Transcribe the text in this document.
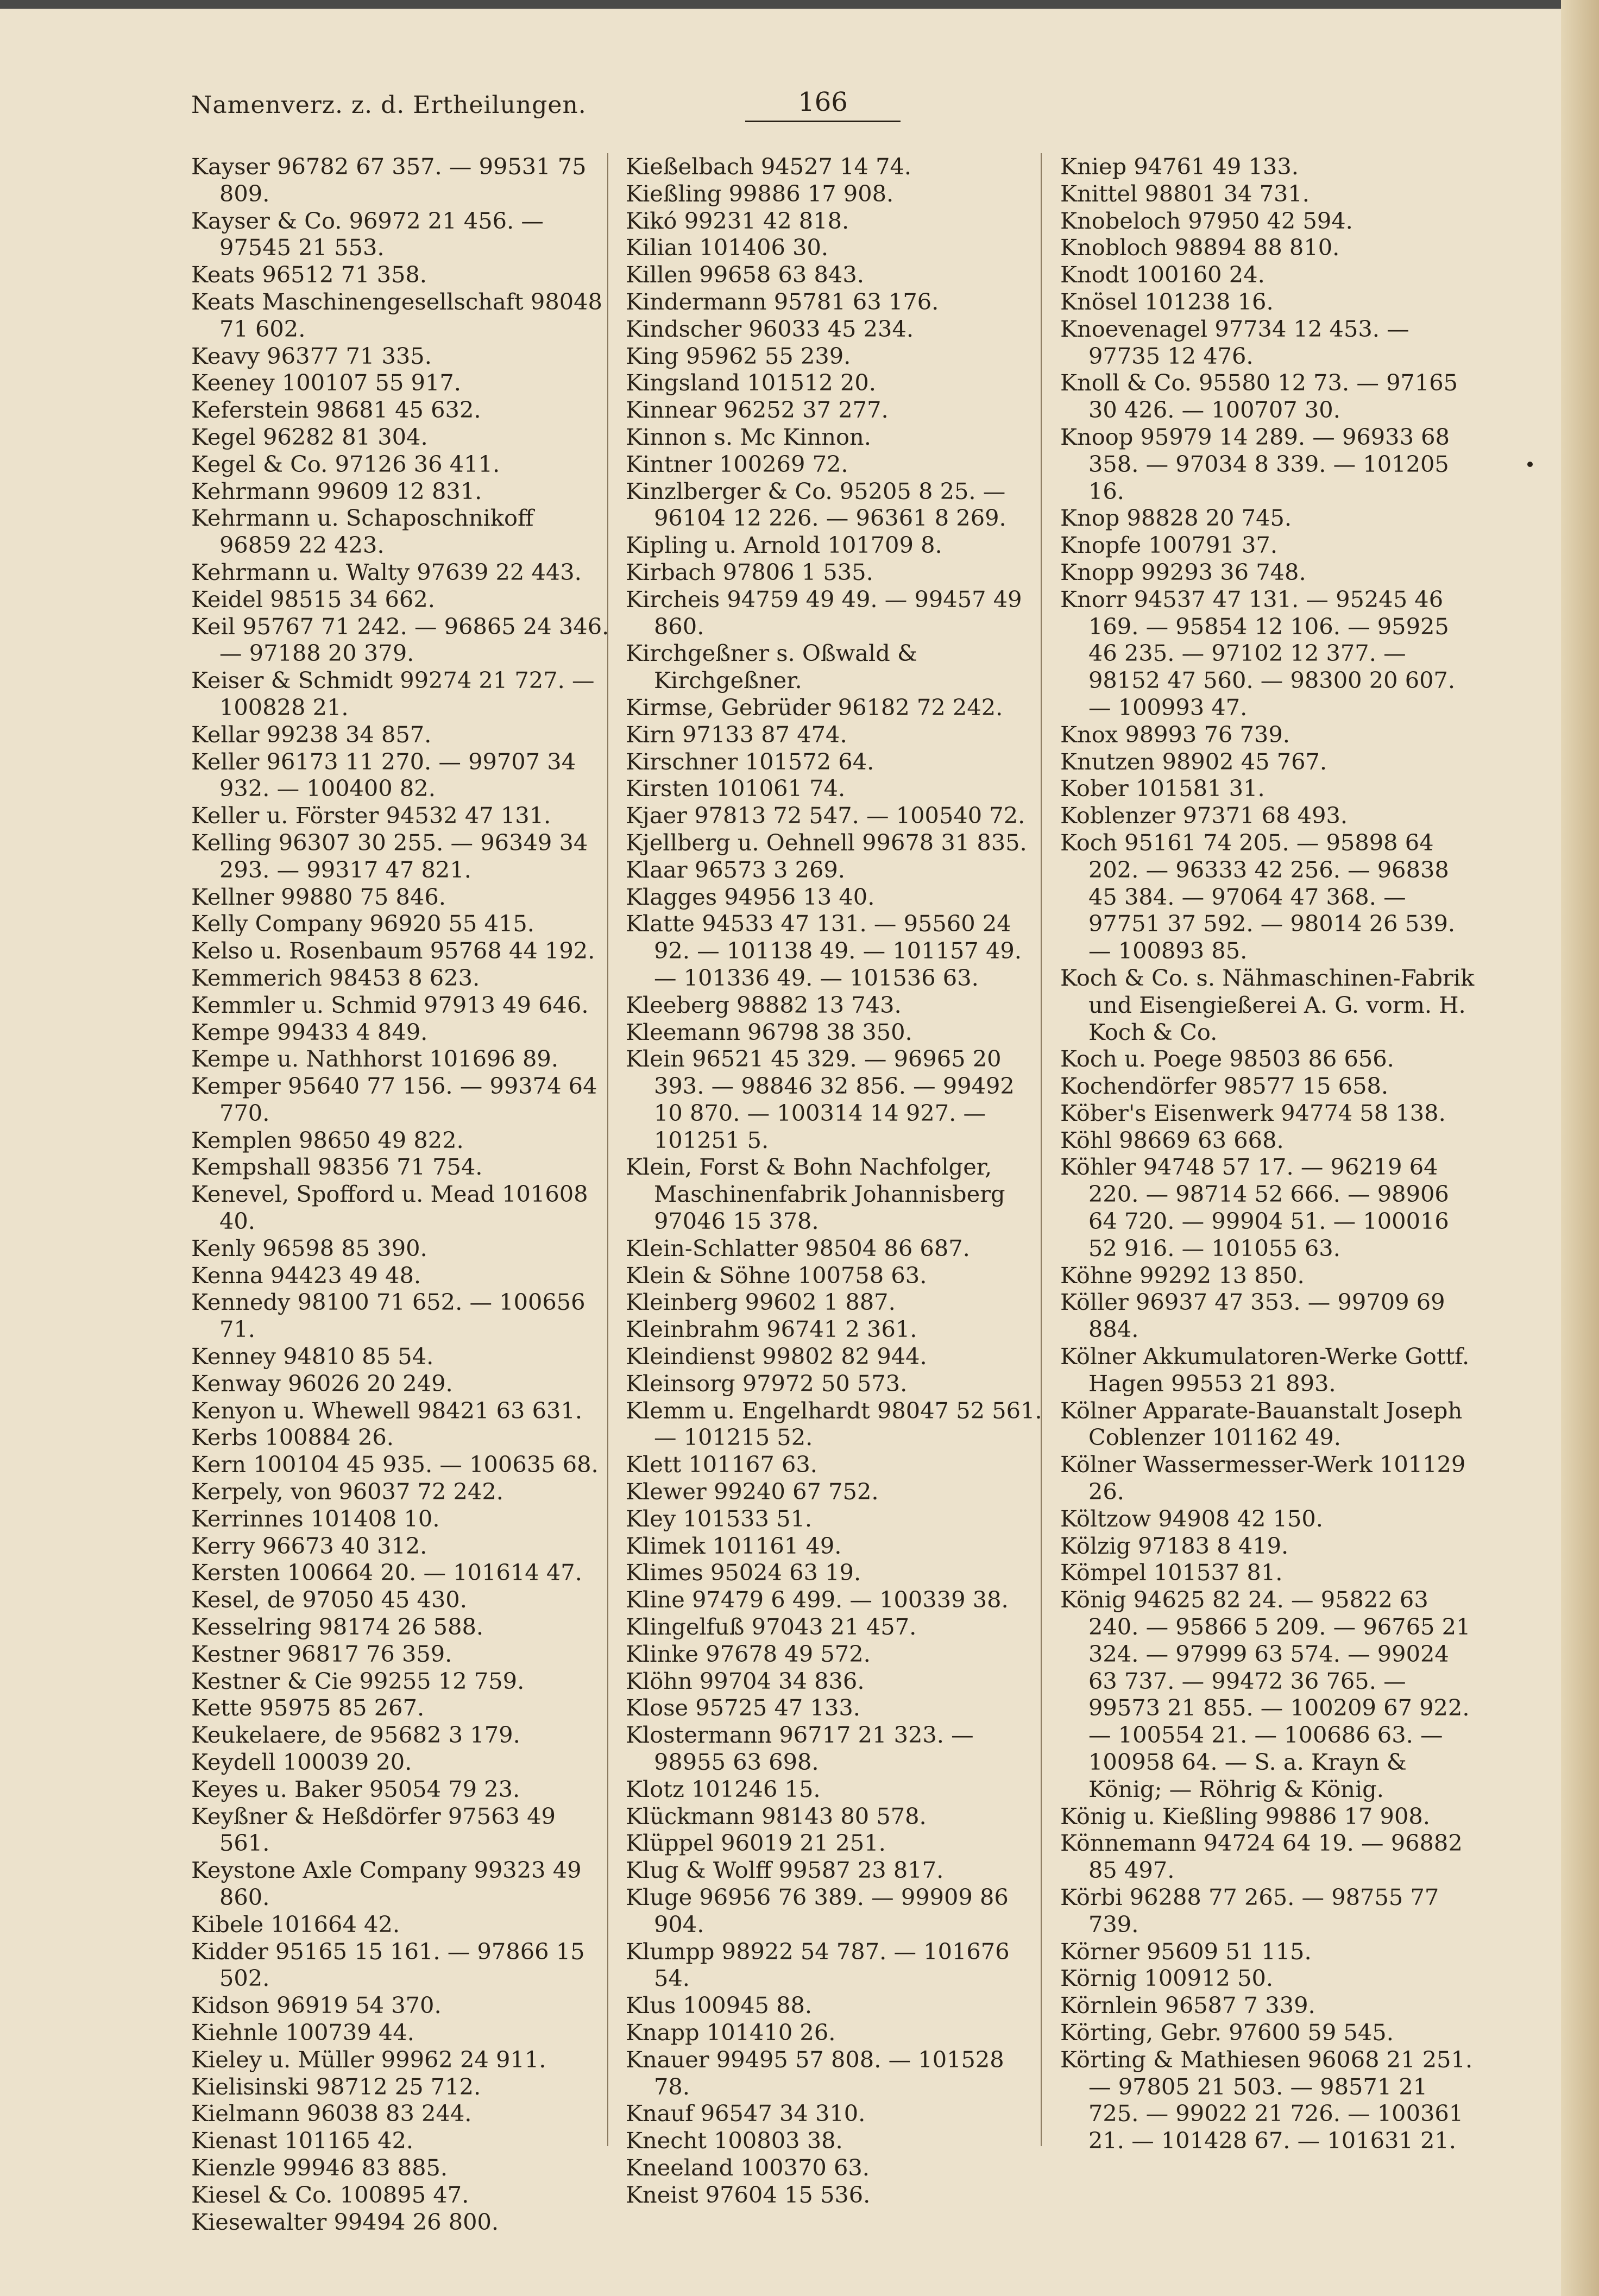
Namenverz. z. d. Ertheilungen.	166
Kayser 96782 67 357. — 99531 75 809.
Kayser & Co. 96972 21 456. — 97545 21 553.
Keats 96512 71 358.
Keats Maschinengesellschaft 98048 71 602.
Keavy 96377 71 335.
Keeney 100107 55 917.
Keferstein 98681 45 632.
Kegel 96282 81 304.
Kegel & Co. 97126 36 411.
Kehrmann 99609 12 831.
Kehrmann u. Schaposchnikoff 96859 22 423.
Kehrmann u. Walty 97639 22 443.
Keidel 98515 34 662.
Keil 95767 71 242. — 96865 24 346. — 97188 20 379.
Keiser & Schmidt 99274 21 727. — 100828 21.
Kellar 99238 34 857.
Keller 96173 11 270. — 99707 34 932. — 100400 82.
Keller u. Förster 94532 47 131.
Kelling 96307 30 255. — 96349 34 293. — 99317 47 821.
Kellner 99880 75 846.
Kelly Company 96920 55 415.
Kelso u. Rosenbaum 95768 44 192.
Kemmerich 98453 8 623.
Kemmler u. Schmid 97913 49 646.
Kempe 99433 4 849.
Kempe u. Nathhorst 101696 89.
Kemper 95640 77 156. — 99374 64 770.
Kemplen 98650 49 822.
Kempshall 98356 71 754.
Kenevel, Spofford u. Mead 101608 40.
Kenly 96598 85 390.
Kenna 94423 49 48.
Kennedy 98100 71 652. — 100656 71.
Kenney 94810 85 54.
Kenway 96026 20 249.
Kenyon u. Whewell 98421 63 631.
Kerbs 100884 26.
Kern 100104 45 935. — 100635 68.
Kerpely, von 96037 72 242.
Kerrinnes 101408 10.
Kerry 96673 40 312.
Kersten 100664 20. — 101614 47.
Kesel, de 97050 45 430.
Kesselring 98174 26 588.
Kestner 96817 76 359.
Kestner & Cie 99255 12 759.
Kette 95975 85 267.
Keukelaere, de 95682 3 179.
Keydell 100039 20.
Keyes u. Baker 95054 79 23.
Keyßner & Heßdörfer 97563 49 561.
Keystone Axle Company 99323 49 860.
Kibele 101664 42.
Kidder 95165 15 161. — 97866 15 502.
Kidson 96919 54 370.
Kiehnle 100739 44.
Kieley u. Müller 99962 24 911.
Kielisinski 98712 25 712.
Kielmann 96038 83 244.
Kienast 101165 42.
Kienzle 99946 83 885.
Kiesel & Co. 100895 47.
Kiesewalter 99494 26 800.
Kießelbach 94527 14 74.
Kießling 99886 17 908.
Kikó 99231 42 818.
Kilian 101406 30.
Killen 99658 63 843.
Kindermann 95781 63 176.
Kindscher 96033 45 234.
King 95962 55 239.
Kingsland 101512 20.
Kinnear 96252 37 277.
Kinnon s. Mc Kinnon.
Kintner 100269 72.
Kinzlberger & Co. 95205 8 25. — 96104 12 226. — 96361 8 269.
Kipling u. Arnold 101709 8.
Kirbach 97806 1 535.
Kircheis 94759 49 49. — 99457 49 860.
Kirchgeßner s. Oßwald & Kirchgeßner.
Kirmse, Gebrüder 96182 72 242.
Kirn 97133 87 474.
Kirschner 101572 64.
Kirsten 101061 74.
Kjaer 97813 72 547. — 100540 72.
Kjellberg u. Oehnell 99678 31 835.
Klaar 96573 3 269.
Klagges 94956 13 40.
Klatte 94533 47 131. — 95560 24 92. — 101138 49. — 101157 49. — 101336 49. — 101536 63.
Kleeberg 98882 13 743.
Kleemann 96798 38 350.
Klein 96521 45 329. — 96965 20 393. — 98846 32 856. — 99492 10 870. — 100314 14 927. — 101251 5.
Klein, Forst & Bohn Nachfolger, Maschinenfabrik Johannisberg 97046 15 378.
Klein-Schlatter 98504 86 687.
Klein & Söhne 100758 63.
Kleinberg 99602 1 887.
Kleinbrahm 96741 2 361.
Kleindienst 99802 82 944.
Kleinsorg 97972 50 573.
Klemm u. Engelhardt 98047 52 561. — 101215 52.
Klett 101167 63.
Klewer 99240 67 752.
Kley 101533 51.
Klimek 101161 49.
Klimes 95024 63 19.
Kline 97479 6 499. — 100339 38.
Klingelfuß 97043 21 457.
Klinke 97678 49 572.
Klöhn 99704 34 836.
Klose 95725 47 133.
Klostermann 96717 21 323. — 98955 63 698.
Klotz 101246 15.
Klückmann 98143 80 578.
Klüppel 96019 21 251.
Klug & Wolff 99587 23 817.
Kluge 96956 76 389. — 99909 86 904.
Klumpp 98922 54 787. — 101676 54.
Klus 100945 88.
Knapp 101410 26.
Knauer 99495 57 808. — 101528 78.
Knauf 96547 34 310.
Knecht 100803 38.
Kneeland 100370 63.
Kneist 97604 15 536.
Kniep 94761 49 133.
Knittel 98801 34 731.
Knobeloch 97950 42 594.
Knobloch 98894 88 810.
Knodt 100160 24.
Knösel 101238 16.
Knoevenagel 97734 12 453. — 97735 12 476.
Knoll & Co. 95580 12 73. — 97165 30 426. — 100707 30.
Knoop 95979 14 289. — 96933 68 358. — 97034 8 339. — 101205 16.
Knop 98828 20 745.
Knopfe 100791 37.
Knopp 99293 36 748.
Knorr 94537 47 131. — 95245 46 169. — 95854 12 106. — 95925 46 235. — 97102 12 377. — 98152 47 560. — 98300 20 607. — 100993 47.
Knox 98993 76 739.
Knutzen 98902 45 767.
Kober 101581 31.
Koblenzer 97371 68 493.
Koch 95161 74 205. — 95898 64 202. — 96333 42 256. — 96838 45 384. — 97064 47 368. — 97751 37 592. — 98014 26 539. — 100893 85.
Koch & Co. s. Nähmaschinen-Fabrik und Eisengießerei A. G. vorm. H. Koch & Co.
Koch u. Poege 98503 86 656.
Kochendörfer 98577 15 658.
Köber's Eisenwerk 94774 58 138.
Köhl 98669 63 668.
Köhler 94748 57 17. — 96219 64 220. — 98714 52 666. — 98906 64 720. — 99904 51. — 100016 52 916. — 101055 63.
Köhne 99292 13 850.
Köller 96937 47 353. — 99709 69 884.
Kölner Akkumulatoren-Werke Gottf. Hagen 99553 21 893.
Kölner Apparate-Bauanstalt Joseph Coblenzer 101162 49.
Kölner Wassermesser-Werk 101129 26.
Költzow 94908 42 150.
Kölzig 97183 8 419.
Kömpel 101537 81.
König 94625 82 24. — 95822 63 240. — 95866 5 209. — 96765 21 324. — 97999 63 574. — 99024 63 737. — 99472 36 765. — 99573 21 855. — 100209 67 922. — 100554 21. — 100686 63. — 100958 64. — S. a. Krayn & König; — Röhrig & König.
König u. Kießling 99886 17 908.
Könnemann 94724 64 19. — 96882 85 497.
Körbi 96288 77 265. — 98755 77 739.
Körner 95609 51 115.
Körnig 100912 50.
Körnlein 96587 7 339.
Körting, Gebr. 97600 59 545.
Körting & Mathiesen 96068 21 251. — 97805 21 503. — 98571 21 725. — 99022 21 726. — 100361 21. — 101428 67. — 101631 21.
